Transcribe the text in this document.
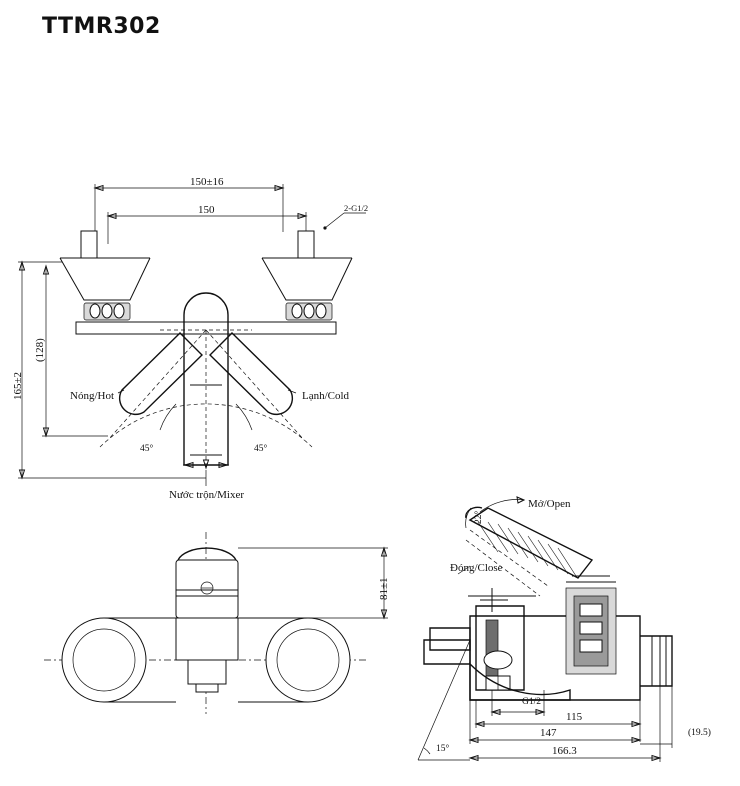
TTMR302
150±16
150	2-G1/2
(128)
165±2	Nóng/Hot	Lạnh/Cold
Nước trộn/Mixer
45°	45°
81±1
Mở/Open
Đóng/Close
22°
15°
G1/2
115
147
166.3
(19.5)
